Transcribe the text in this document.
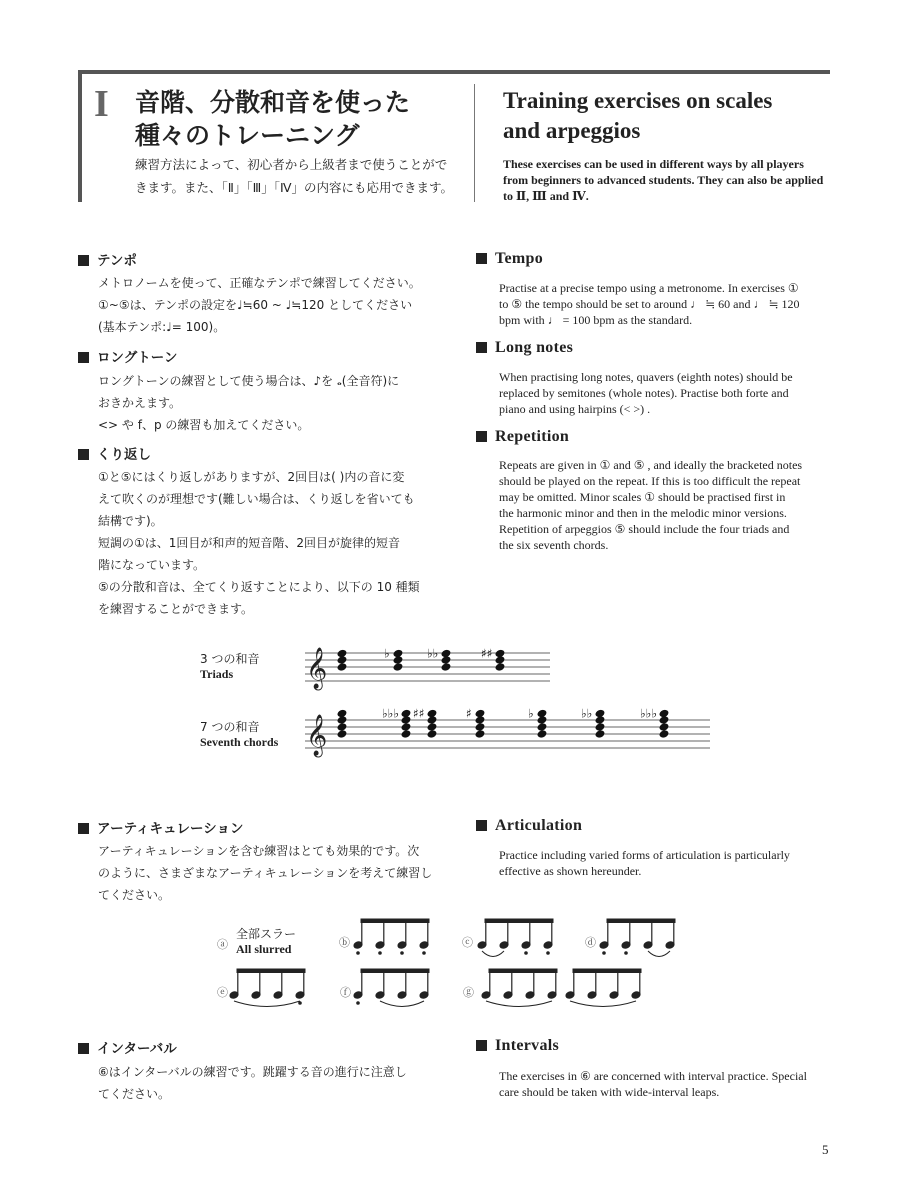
I 音階、分散和音を使った
種々のトレーニング
練習方法によって、初心者から上級者まで使うことがで
きます。また、「Ⅱ」「Ⅲ」「Ⅳ」の内容にも応用できます。
Training exercises on scales
and arpeggios
These exercises can be used in different ways by all players
from beginners to advanced students. They can also be applied
to Ⅱ, Ⅲ and Ⅳ.
テンポ
メトロノームを使って、正確なテンポで練習してください。
①~⑤は、テンポの設定を♩≒60 ~ ♩≒120 としてください
(基本テンポ:♩= 100)。
Tempo
Practise at a precise tempo using a metronome. In exercises ①
to ⑤ the tempo should be set to around ♩ ≒ 60 and ♩ ≒ 120
bpm with ♩ = 100 bpm as the standard.
ロングトーン
ロングトーンの練習として使う場合は、♪を 𝅝(全音符)に
おきかえます。
<> や f、p の練習も加えてください。
Long notes
When practising long notes, quavers (eighth notes) should be
replaced by semitones (whole notes). Practise both forte and
piano and using hairpins (< >) .
くり返し
①と⑤にはくり返しがありますが、2回目は( )内の音に変
えて吹くのが理想です(難しい場合は、くり返しを省いても
結構です)。
短調の①は、1回目が和声的短音階、2回目が旋律的短音
階になっています。
⑤の分散和音は、全てくり返すことにより、以下の 10 種類
を練習することができます。
Repetition
Repeats are given in ① and ⑤ , and ideally the bracketed notes
should be played on the repeat. If this is too difficult the repeat
may be omitted. Minor scales ① should be practised first in
the harmonic minor and then in the melodic minor versions.
Repetition of arpeggios ⑤ should include the four triads and
the six seventh chords.
3 つの和音
Triads
7 つの和音
Seventh chords
𝄞
𝄞
♭	♭♭	♯♯
♭♭♭ ♯♯	♯	♭	♭♭	♭♭♭
アーティキュレーション
アーティキュレーションを含む練習はとても効果的です。次
のように、さまざまなアーティキュレーションを考えて練習し
てください。
Articulation
Practice including varied forms of articulation is particularly
effective as shown hereunder.
ⓐ
全部スラー
All slurred	ⓑ	ⓒ	ⓓ
ⓔ	ⓕ	ⓖ
インターバル
⑥はインターバルの練習です。跳躍する音の進行に注意し
てください。
Intervals
The exercises in ⑥ are concerned with interval practice. Special
care should be taken with wide-interval leaps.
5
